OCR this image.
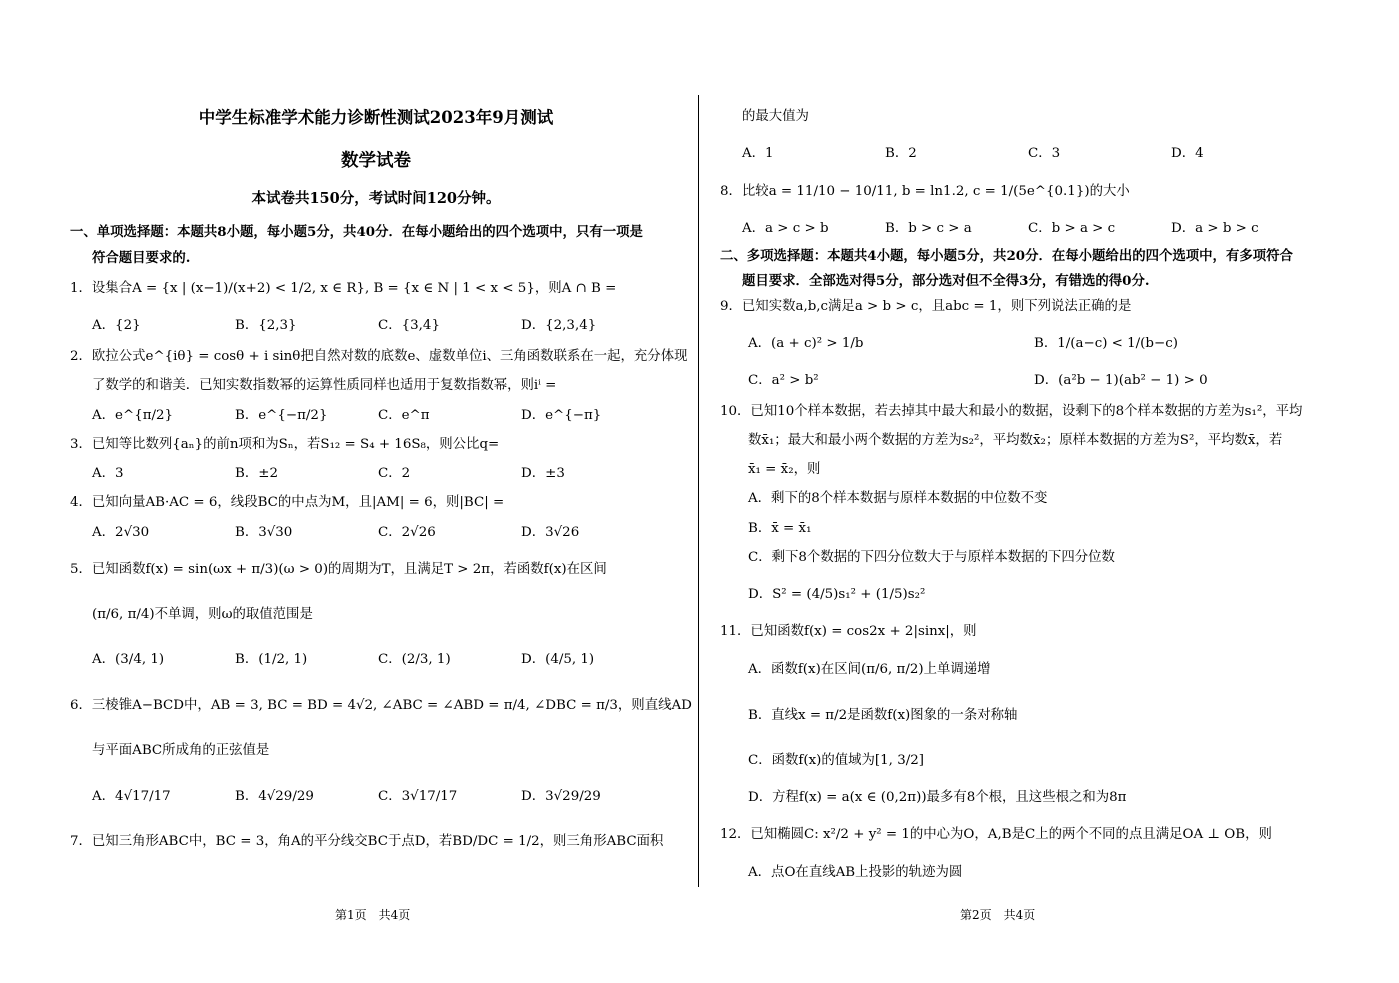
中学生标准学术能力诊断性测试2023年9月测试
数学试卷
本试卷共150分，考试时间120分钟。
一、单项选择题：本题共8小题，每小题5分，共40分．在每小题给出的四个选项中，只有一项是
符合题目要求的.
1．设集合A = {x | (x−1)/(x+2) < 1/2, x ∈ R}, B = {x ∈ N | 1 < x < 5}，则A ∩ B =
A．{2}	B．{2,3}	C．{3,4}	D．{2,3,4}
2．欧拉公式e^{iθ} = cosθ + i sinθ把自然对数的底数e、虚数单位i、三角函数联系在一起，充分体现
了数学的和谐美．已知实数指数幂的运算性质同样也适用于复数指数幂，则iⁱ =
A．e^{π/2}	B．e^{−π/2}	C．e^π	D．e^{−π}
3．已知等比数列{aₙ}的前n项和为Sₙ，若S₁₂ = S₄ + 16S₈，则公比q=
A．3	B．±2	C．2	D．±3
4．已知向量AB·AC = 6，线段BC的中点为M，且|AM| = 6，则|BC| =
A．2√30	B．3√30	C．2√26	D．3√26
5．已知函数f(x) = sin(ωx + π/3)(ω > 0)的周期为T，且满足T > 2π，若函数f(x)在区间
(π/6, π/4)不单调，则ω的取值范围是
A．(3/4, 1)	B．(1/2, 1)	C．(2/3, 1)	D．(4/5, 1)
6．三棱锥A−BCD中，AB = 3, BC = BD = 4√2, ∠ABC = ∠ABD = π/4, ∠DBC = π/3，则直线AD
与平面ABC所成角的正弦值是
A．4√17/17	B．4√29/29	C．3√17/17	D．3√29/29
7．已知三角形ABC中，BC = 3，角A的平分线交BC于点D，若BD/DC = 1/2，则三角形ABC面积
第1页　共4页
的最大值为
A．1	B．2	C．3	D．4
8．比较a = 11/10 − 10/11, b = ln1.2, c = 1/(5e^{0.1})的大小
A．a > c > b	B．b > c > a	C．b > a > c	D．a > b > c
二、多项选择题：本题共4小题，每小题5分，共20分．在每小题给出的四个选项中，有多项符合
题目要求．全部选对得5分，部分选对但不全得3分，有错选的得0分.
9．已知实数a,b,c满足a > b > c，且abc = 1，则下列说法正确的是
A．(a + c)² > 1/b	B．1/(a−c) < 1/(b−c)
C．a² > b²	D．(a²b − 1)(ab² − 1) > 0
10．已知10个样本数据，若去掉其中最大和最小的数据，设剩下的8个样本数据的方差为s₁²，平均
数x̄₁；最大和最小两个数据的方差为s₂²，平均数x̄₂；原样本数据的方差为S²，平均数x̄，若
x̄₁ = x̄₂，则
A．剩下的8个样本数据与原样本数据的中位数不变
B．x̄ = x̄₁
C．剩下8个数据的下四分位数大于与原样本数据的下四分位数
D．S² = (4/5)s₁² + (1/5)s₂²
11．已知函数f(x) = cos2x + 2|sinx|，则
A．函数f(x)在区间(π/6, π/2)上单调递增
B．直线x = π/2是函数f(x)图象的一条对称轴
C．函数f(x)的值域为[1, 3/2]
D．方程f(x) = a(x ∈ (0,2π))最多有8个根，且这些根之和为8π
12．已知椭圆C: x²/2 + y² = 1的中心为O，A,B是C上的两个不同的点且满足OA ⊥ OB，则
A．点O在直线AB上投影的轨迹为圆
第2页　共4页
